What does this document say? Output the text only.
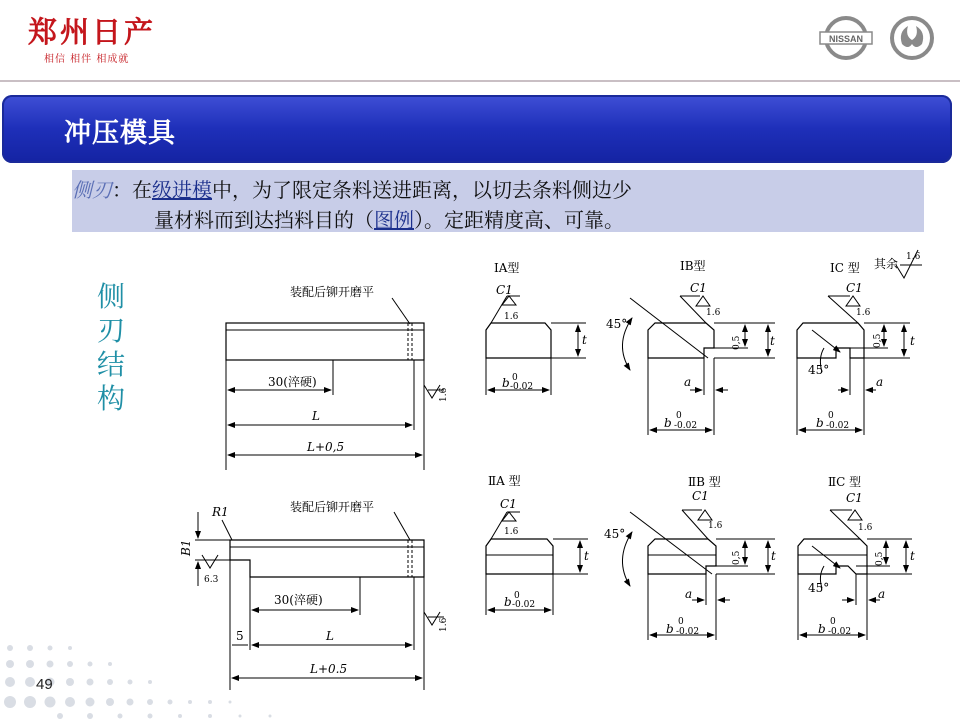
郑州日产
相信 相伴 相成就
NISSAN
冲压模具
侧刃：在级进模中，为了限定条料送进距离，以切去条料侧边少
量材料而到达挡料目的（图例）。定距精度高、可靠。
侧
刃
结
构
装配后铆开磨平
30(淬硬)
L
L+0,5
1.6
装配后铆开磨平
R1
B1
6.3
30(淬硬)
5	L
L+0.5
1.6
其余 1.6
IA型
C1
1.6
t
b 0
-0.02
IB型
C1
1.6
45°
0,5 t
a
b 0
-0.02
IC 型
C1
1.6
45°
0,5 t
a
b 0
-0.02
ⅡA 型
C1
1.6
t
b 0
-0.02
ⅡB 型
C1
1.6
45°
0,5 t
a
b 0
-0.02
ⅡC 型
C1
1.6
45°
0,5 t
a
b 0
-0.02
49
